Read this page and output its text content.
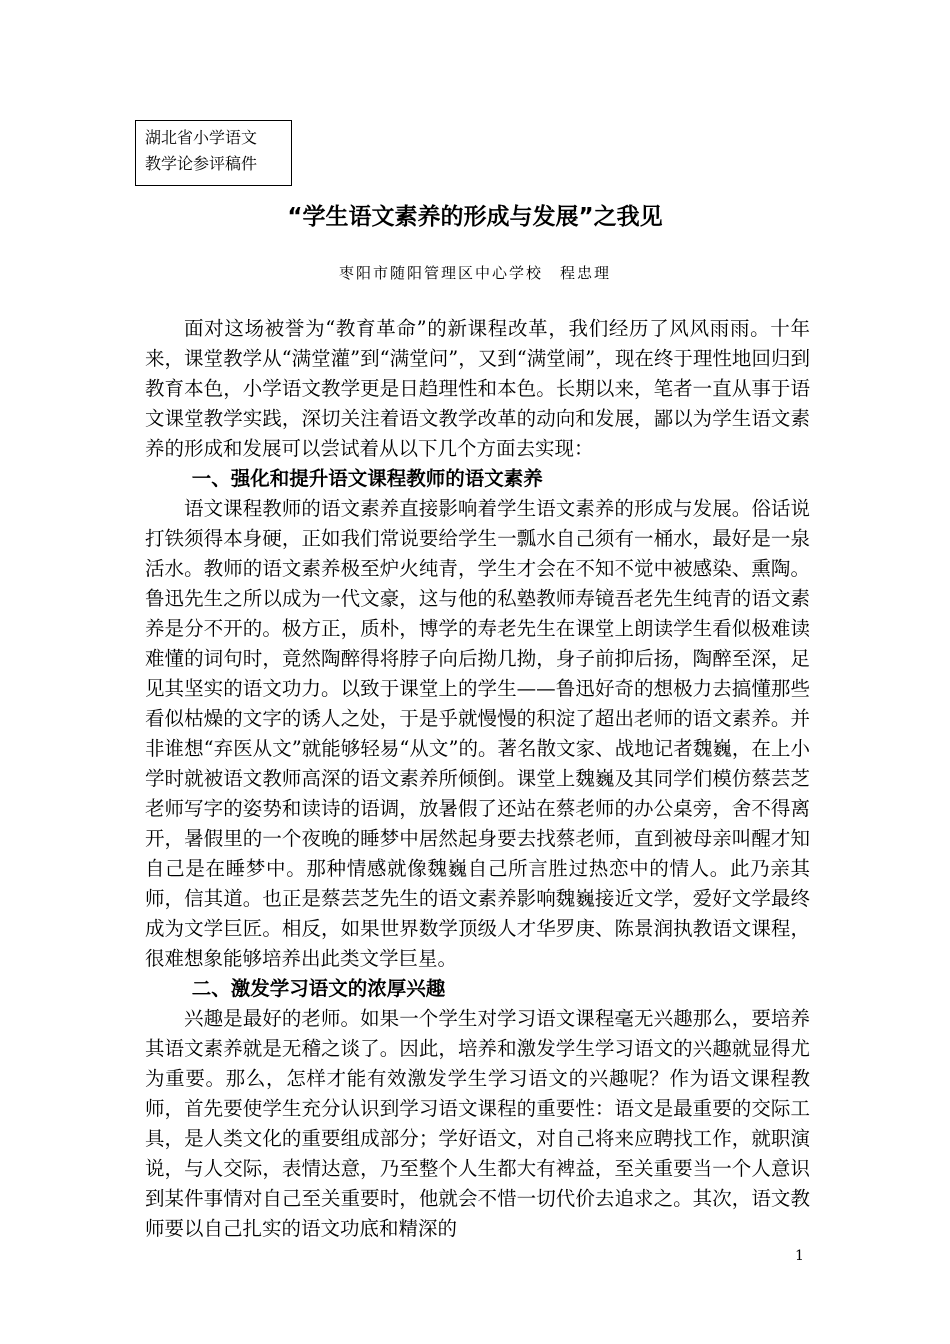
湖北省小学语文
教学论参评稿件
“学生语文素养的形成与发展”之我见
枣阳市随阳管理区中心学校　程忠理

面对这场被誉为“教育革命”的新课程改革，我们经历了风风雨雨。十年来，课堂教学从“满堂灌”到“满堂问”，又到“满堂闹”，现在终于理性地回归到教育本色，小学语文教学更是日趋理性和本色。长期以来，笔者一直从事于语文课堂教学实践，深切关注着语文教学改革的动向和发展，鄙以为学生语文素养的形成和发展可以尝试着从以下几个方面去实现：

一、强化和提升语文课程教师的语文素养

语文课程教师的语文素养直接影响着学生语文素养的形成与发展。俗话说打铁须得本身硬，正如我们常说要给学生一瓢水自己须有一桶水，最好是一泉活水。教师的语文素养极至炉火纯青，学生才会在不知不觉中被感染、熏陶。鲁迅先生之所以成为一代文豪，这与他的私塾教师寿镜吾老先生纯青的语文素养是分不开的。极方正，质朴，博学的寿老先生在课堂上朗读学生看似极难读难懂的词句时，竟然陶醉得将脖子向后拗几拗，身子前抑后扬，陶醉至深，足见其坚实的语文功力。以致于课堂上的学生——鲁迅好奇的想极力去搞懂那些看似枯燥的文字的诱人之处，于是乎就慢慢的积淀了超出老师的语文素养。并非谁想“弃医从文”就能够轻易“从文”的。著名散文家、战地记者魏巍，在上小学时就被语文教师高深的语文素养所倾倒。课堂上魏巍及其同学们模仿蔡芸芝老师写字的姿势和读诗的语调，放暑假了还站在蔡老师的办公桌旁，舍不得离开，暑假里的一个夜晚的睡梦中居然起身要去找蔡老师，直到被母亲叫醒才知自己是在睡梦中。那种情感就像魏巍自己所言胜过热恋中的情人。此乃亲其师，信其道。也正是蔡芸芝先生的语文素养影响魏巍接近文学，爱好文学最终成为文学巨匠。相反，如果世界数学顶级人才华罗庚、陈景润执教语文课程，很难想象能够培养出此类文学巨星。

二、激发学习语文的浓厚兴趣

兴趣是最好的老师。如果一个学生对学习语文课程毫无兴趣那么，要培养其语文素养就是无稽之谈了。因此，培养和激发学生学习语文的兴趣就显得尤为重要。那么，怎样才能有效激发学生学习语文的兴趣呢？作为语文课程教师，首先要使学生充分认识到学习语文课程的重要性：语文是最重要的交际工具，是人类文化的重要组成部分；学好语文，对自己将来应聘找工作，就职演说，与人交际，表情达意，乃至整个人生都大有裨益，至关重要当一个人意识到某件事情对自己至关重要时，他就会不惜一切代价去追求之。其次，语文教师要以自己扎实的语文功底和精深的

1
